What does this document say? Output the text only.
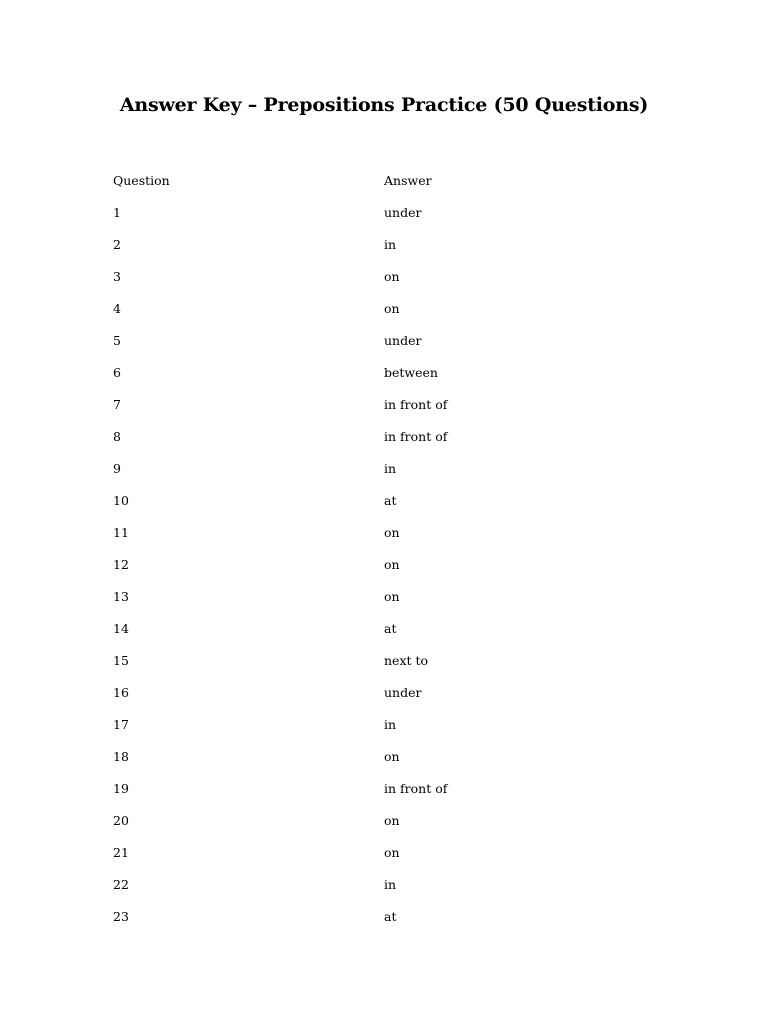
Answer Key – Prepositions Practice (50 Questions)
Question	Answer
1	under
2	in
3	on
4	on
5	under
6	between
7	in front of
8	in front of
9	in
10	at
11	on
12	on
13	on
14	at
15	next to
16	under
17	in
18	on
19	in front of
20	on
21	on
22	in
23	at
